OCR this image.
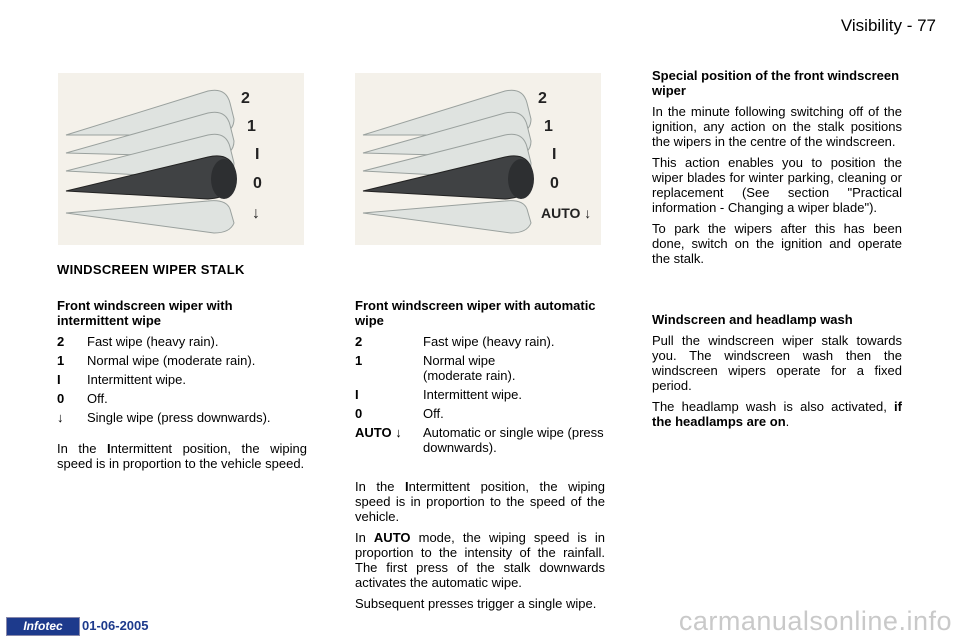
Visibility - 77
2
1
I
0
↓
2
1
I
0
AUTO ↓
WINDSCREEN WIPER STALK

Front windscreen wiper with intermittent wipe

2	Fast wipe (heavy rain).
1	Normal wipe (moderate rain).
I	Intermittent wipe.
0	Off.
↓	Single wipe (press downwards).

In the Intermittent position, the wiping speed is in proportion to the vehicle speed.

Front windscreen wiper with automatic wipe

2	Fast wipe (heavy rain).
1	Normal wipe (moderate rain).
I	Intermittent wipe.
0	Off.
AUTO ↓	Automatic or single wipe (press downwards).

In the Intermittent position, the wiping speed is in proportion to the speed of the vehicle.

In AUTO mode, the wiping speed is in proportion to the intensity of the rainfall. The first press of the stalk downwards activates the automatic wipe.

Subsequent presses trigger a single wipe.

Special position of the front windscreen wiper

In the minute following switching off of the ignition, any action on the stalk positions the wipers in the centre of the windscreen.

This action enables you to position the wiper blades for winter parking, cleaning or replacement (See section "Practical information - Changing a wiper blade").

To park the wipers after this has been done, switch on the ignition and operate the stalk.

Windscreen and headlamp wash

Pull the windscreen wiper stalk towards you. The windscreen wash then the windscreen wipers operate for a fixed period.

The headlamp wash is also activated, if the headlamps are on.

Infotec	01-06-2005	carmanualsonline.info
